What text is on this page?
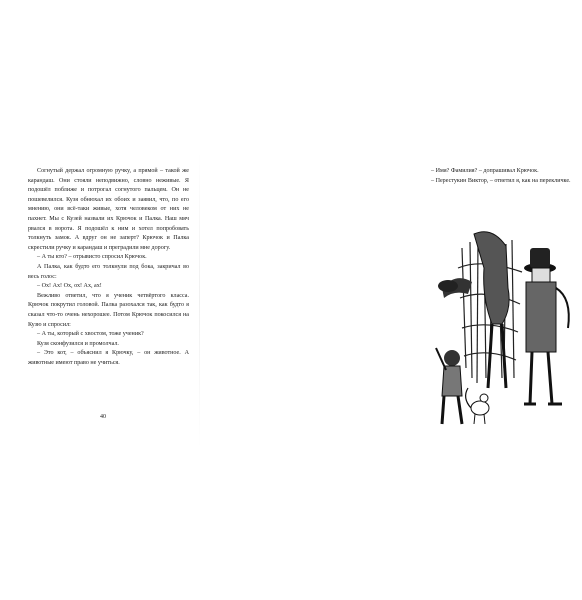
Согнутый держал огромную ручку, а прямой – такой же карандаш. Они стояли неподвижно, словно неживые. Я подошёл поближе и потрогал согнутого пальцем. Он не пошевелился. Кузя обнюхал их обоих и заявил, что, по его мнению, они всё-таки живые, хотя человеком от них не пахнет. Мы с Кузей назвали их Крючок и Палка. Наш мяч рвался в ворота. Я подошёл к ним и хотел попробовать толкнуть замок. А вдруг он не заперт? Крючок и Палка скрестили ручку и карандаш и преградили мне дорогу.

– А ты кто? – отрывисто спросил Крючок.

А Палка, как будто его толкнули под бока, закричал во весь голос:

– Ох! Ах! Ох, ох! Ах, ах!

Вежливо ответил, что я ученик четвёртого класса. Крючок покрутил головой. Палка разохался так, как будто я сказал что-то очень нехорошее. Потом Крючок покосился на Кузю и спросил:

– А ты, который с хвостом, тоже ученик?

Кузя сконфузился и промолчал.

– Это кот, – объяснил я Крючку, – он животное. А животные имеют право не учиться.

40

– Имя? Фамилия? – допрашивал Крючок.

– Перестукин Виктор, – ответил я, как на перекличке.
